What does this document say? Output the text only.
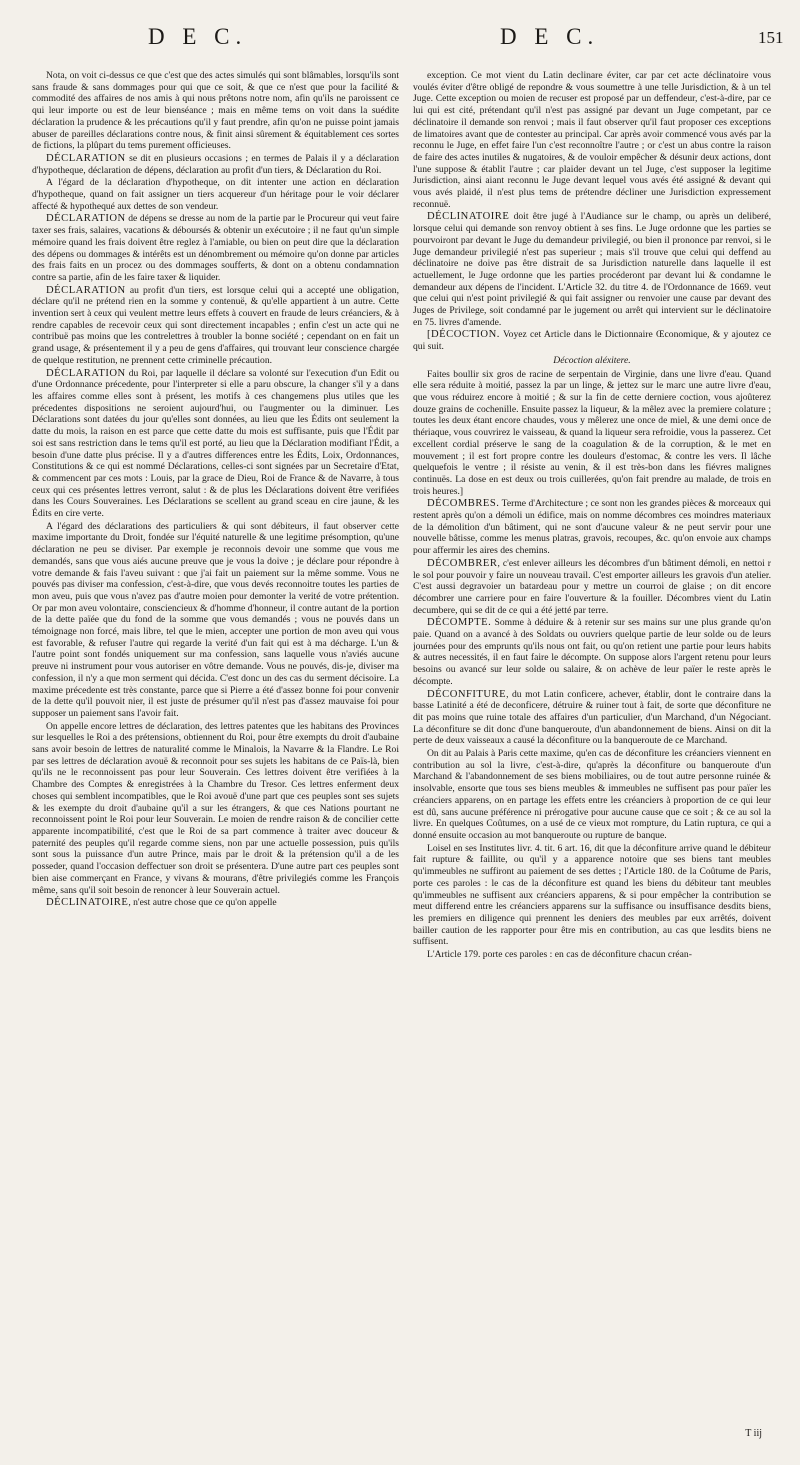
D E C.	D E C.	151

Nota, on voit ci-dessus ce que c'est que des actes simulés qui sont blâmables, lorsqu'ils sont sans fraude & sans dommages pour qui que ce soit, & que ce n'est que pour la facilité & commodité des affaires de nos amis à qui nous prêtons notre nom, afin qu'ils ne paroissent ce qui leur importe ou est de leur bienséance ; mais en même tems on voit dans la suédite déclaration la prudence & les précautions qu'il y faut prendre, afin qu'on ne puisse point jamais abuser de pareilles déclarations contre nous, & finit ainsi sûrement & équitablement ces sortes de fictions, la plûpart du tems purement officieuses.

DÉCLARATION se dit en plusieurs occasions ; en termes de Palais il y a déclaration d'hypotheque, déclaration de dépens, déclaration au profit d'un tiers, & Déclaration du Roi.

A l'égard de la déclaration d'hypotheque, on dit intenter une action en déclaration d'hypotheque, quand on fait assigner un tiers acquereur d'un héritage pour le voir déclarer affecté & hypothequé aux dettes de son vendeur.

DÉCLARATION de dépens se dresse au nom de la partie par le Procureur qui veut faire taxer ses frais, salaires, vacations & déboursés & obtenir un exécutoire ; il ne faut qu'un simple mémoire quand les frais doivent être reglez à l'amiable, ou bien on peut dire que la déclaration des dépens ou dommages & intérêts est un dénombrement ou mémoire qu'on donne par articles des frais faits en un procez ou des dommages soufferts, & dont on a obtenu condamnation contre sa partie, afin de les faire taxer & liquider.

DÉCLARATION au profit d'un tiers, est lorsque celui qui a accepté une obligation, déclare qu'il ne prétend rien en la somme y contenuë, & qu'elle appartient à un autre. Cette invention sert à ceux qui veulent mettre leurs effets à couvert en fraude de leurs créanciers, & à rendre capables de recevoir ceux qui sont directement incapables ; enfin c'est un acte qui ne contribuë pas moins que les contrelettres à troubler la bonne société ; cependant on en fait un grand usage, & présentement il y a peu de gens d'affaires, qui trouvant leur conscience chargée de quelque restitution, ne prennent cette criminelle précaution.

DÉCLARATION du Roi, par laquelle il déclare sa volonté sur l'execution d'un Edit ou d'une Ordonnance précedente, pour l'interpreter si elle a paru obscure, la changer s'il y a dans les affaires comme elles sont à présent, les motifs à ces changemens plus utiles que les précedentes dispositions ne seroient aujourd'hui, ou l'augmenter ou la diminuer. Les Déclarations sont datées du jour qu'elles sont données, au lieu que les Édits ont seulement la datte du mois, la raison en est parce que cette datte du mois est suffisante, puis que l'Édit par soi est sans restriction dans le tems qu'il est porté, au lieu que la Déclaration modifiant l'Édit, a besoin d'une datte plus précise. Il y a d'autres differences entre les Édits, Loix, Ordonnances, Constitutions & ce qui est nommé Déclarations, celles-ci sont signées par un Secretaire d'Etat, & commencent par ces mots : Louis, par la grace de Dieu, Roi de France & de Navarre, à tous ceux qui ces présentes lettres verront, salut : & de plus les Déclarations doivent être verifiées dans les Cours Souveraines. Les Déclarations se scellent au grand sceau en cire jaune, & les Édits en cire verte.

A l'égard des déclarations des particuliers & qui sont débiteurs, il faut observer cette maxime importante du Droit, fondée sur l'équité naturelle & une legitime présomption, qu'une déclaration ne peu se diviser. Par exemple je reconnois devoir une somme que vous me demandés, sans que vous aiés aucune preuve que je vous la doive ; je déclare pour répondre à votre demande & fais l'aveu suivant : que j'ai fait un paiement sur la même somme. Vous ne pouvés pas diviser ma confession, c'est-à-dire, que vous devés reconnoitre toutes les parties de mon aveu, puis que vous n'avez pas d'autre moien pour demonter la verité de votre prétention. Or par mon aveu volontaire, consciencieux & d'homme d'honneur, il contre autant de la portion de la dette païée que du fond de la somme que vous demandés ; vous ne pouvés dans un témoignage non forcé, mais libre, tel que le mien, accepter une portion de mon aveu qui vous est favorable, & refuser l'autre qui regarde la verité d'un fait qui est à ma décharge. L'un & l'autre point sont fondés uniquement sur ma confession, sans laquelle vous n'aviés aucune preuve ni instrument pour vous autoriser en vôtre demande. Vous ne pouvés, dis-je, diviser ma confession, il n'y a que mon serment qui décida. C'est donc un des cas du serment décisoire. La maxime précedente est très constante, parce que si Pierre a été d'assez bonne foi pour convenir de la dette qu'il pouvoit nier, il est juste de présumer qu'il n'est pas d'assez mauvaise foi pour supposer un paiement sans l'avoir fait.

On appelle encore lettres de déclaration, des lettres patentes que les habitans des Provinces sur lesquelles le Roi a des prétensions, obtiennent du Roi, pour être exempts du droit d'aubaine sans avoir besoin de lettres de naturalité comme le Minalois, la Navarre & la Flandre. Le Roi par ses lettres de déclaration avouë & reconnoit pour ses sujets les habitans de ce Païs-là, bien qu'ils ne le reconnoissent pas pour leur Souverain. Ces lettres doivent être verifiées à la Chambre des Comptes & enregistrées à la Chambre du Tresor. Ces lettres enferment deux choses qui semblent incompatibles, que le Roi avouë d'une part que ces peuples sont ses sujets & les exempte du droit d'aubaine qu'il a sur les étrangers, & que ces Nations pourtant ne reconnoissent point le Roi pour leur Souverain. Le moien de rendre raison & de concilier cette apparente incompatibilité, c'est que le Roi de sa part commence à traiter avec douceur & paternité des peuples qu'il regarde comme siens, non par une actuelle possession, puis qu'ils sont sous la puissance d'un autre Prince, mais par le droit & la prétension qu'il a de les posseder, quand l'occasion deffectuer son droit se présentera. D'une autre part ces peuples sont bien aise commerçant en France, y vivans & mourans, d'être privilegiés comme les François même, sans qu'il soit besoin de renoncer à leur Souverain actuel.

DÉCLINATOIRE, n'est autre chose que ce qu'on appelle

exception. Ce mot vient du Latin declinare éviter, car par cet acte déclinatoire vous voulés éviter d'être obligé de repondre & vous soumettre à une telle Jurisdiction, & à un tel Juge. Cette exception ou moien de recuser est proposé par un deffendeur, c'est-à-dire, par ce lui qui est cité, prétendant qu'il n'est pas assigné par devant un Juge competant, par ce déclinatoire il demande son renvoi ; mais il faut observer qu'il faut proposer ces exceptions de limatoires avant que de contester au principal. Car après avoir commencé vous avés par la reconnu le Juge, en effet faire l'un c'est reconnoître l'autre ; or c'est un abus contre la raison de faire des actes inutiles & nugatoires, & de vouloir empêcher & désunir deux actions, dont l'une suppose & établit l'autre ; car plaider devant un tel Juge, c'est supposer la legitime Jurisdiction, ainsi aiant reconnu le Juge devant lequel vous avés été assigné & devant qui vous avés plaidé, il n'est plus tems de prétendre décliner une Jurisdiction expressement reconnuë.

DÉCLINATOIRE doit être jugé à l'Audiance sur le champ, ou après un deliberé, lorsque celui qui demande son renvoy obtient à ses fins. Le Juge ordonne que les parties se pourvoiront par devant le Juge du demandeur privilegié, ou bien il prononce par renvoi, si le Juge demandeur privilegié n'est pas superieur ; mais s'il trouve que celui qui deffend au déclinatoire ne doive pas être distrait de sa Jurisdiction naturelle dans laquelle il est actuellement, le Juge ordonne que les parties procéderont par devant lui & condamne le demandeur aux dépens de l'incident. L'Article 32. du titre 4. de l'Ordonnance de 1669. veut que celui qui n'est point privilegié & qui fait assigner ou renvoier une cause par devant des Juges de Privilege, soit condamné par le jugement ou arrêt qui intervient sur le déclinatoire en 75. livres d'amende.

[DÉCOCTION. Voyez cet Article dans le Dictionnaire Œconomique, & y ajoutez ce qui suit.

Décoction aléxitere.

Faites boullir six gros de racine de serpentain de Virginie, dans une livre d'eau. Quand elle sera réduite à moitié, passez la par un linge, & jettez sur le marc une autre livre d'eau, que vous réduirez encore à moitié ; & sur la fin de cette derniere coction, vous ajoûterez douze grains de cochenille. Ensuite passez la liqueur, & la mêlez avec la premiere colature ; toutes les deux étant encore chaudes, vous y mêlerez une once de miel, & une demi once de thériaque, vous couvrirez le vaisseau, & quand la liqueur sera refroidie, vous la passerez. Cet excellent cordial préserve le sang de la coagulation & de la corruption, & le met en mouvement ; il est fort propre contre les douleurs d'estomac, & contre les vers. Il lâche quelquefois le ventre ; il résiste au venin, & il est très-bon dans les fiévres malignes continuës. La dose en est deux ou trois cuillerées, qu'on fait prendre au malade, de trois en trois heures.]

DÉCOMBRES. Terme d'Architecture ; ce sont non les grandes pièces & morceaux qui restent après qu'on a démoli un édifice, mais on nomme décombres ces moindres materiaux de la démolition d'un bâtiment, qui ne sont d'aucune valeur & ne peut servir pour une nouvelle bâtisse, comme les menus platras, gravois, recoupes, &c. qu'on envoie aux champs pour affermir les aires des chemins.

DÉCOMBRER, c'est enlever ailleurs les décombres d'un bâtiment démoli, en nettoi r le sol pour pouvoir y faire un nouveau travail. C'est emporter ailleurs les gravois d'un atelier. C'est aussi degravoier un batardeau pour y mettre un courroi de glaise ; on dit encore décombrer une carriere pour en faire l'ouverture & la fouiller. Décombres vient du Latin decumbere, qui se dit de ce qui a été jetté par terre.

DÉCOMPTE. Somme à déduire & à retenir sur ses mains sur une plus grande qu'on paie. Quand on a avancé à des Soldats ou ouvriers quelque partie de leur solde ou de leurs journées pour des emprunts qu'ils nous ont fait, ou qu'on retient une partie pour leurs habits & autres necessités, il en faut faire le décompte. On suppose alors l'argent retenu pour leurs besoins ou avancé sur leur solde ou salaire, & on achève de leur païer le reste après le décompte.

DÉCONFITURE, du mot Latin conficere, achever, établir, dont le contraire dans la basse Latinité a été de deconficere, détruire & ruiner tout à fait, de sorte que déconfiture ne dit pas moins que ruine totale des affaires d'un particulier, d'un Marchand, d'un Négociant. La déconfiture se dit donc d'une banqueroute, d'un abandonnement de biens. Ainsi on dit la perte de deux vaisseaux a causé la déconfiture ou la banqueroute de ce Marchand.

On dit au Palais à Paris cette maxime, qu'en cas de déconfiture les créanciers viennent en contribution au sol la livre, c'est-à-dire, qu'après la déconfiture ou banqueroute d'un Marchand & l'abandonnement de ses biens mobiliaires, ou de tout autre personne ruinée & insolvable, ensorte que tous ses biens meubles & immeubles ne suffisent pas pour païer les créanciers apparens, on en partage les effets entre les créanciers à proportion de ce qui leur est dû, sans aucune préférence ni prérogative pour aucune cause que ce soit ; & ce au sol la livre. En quelques Coûtumes, on a usé de ce vieux mot rompture, du Latin ruptura, ce qui a donné ensuite occasion au mot banqueroute ou rupture de banque.

Loisel en ses Institutes livr. 4. tit. 6 art. 16, dit que la déconfiture arrive quand le débiteur fait rupture & faillite, ou qu'il y a apparence notoire que ses biens tant meubles qu'immeubles ne suffiront au paiement de ses dettes ; l'Article 180. de la Coûtume de Paris, porte ces paroles : le cas de la déconfiture est quand les biens du débiteur tant meubles qu'immeubles ne suffisent aux créanciers apparens, & si pour empêcher la contribution se meut differend entre les créanciers apparens sur la suffisance ou insuffisance desdits biens, les premiers en diligence qui prennent les deniers des meubles par eux arrêtés, doivent bailler caution de les rapporter pour être mis en contribution, au cas que lesdits biens ne suffisent.

L'Article 179. porte ces paroles : en cas de déconfiture chacun créan-

T iij
